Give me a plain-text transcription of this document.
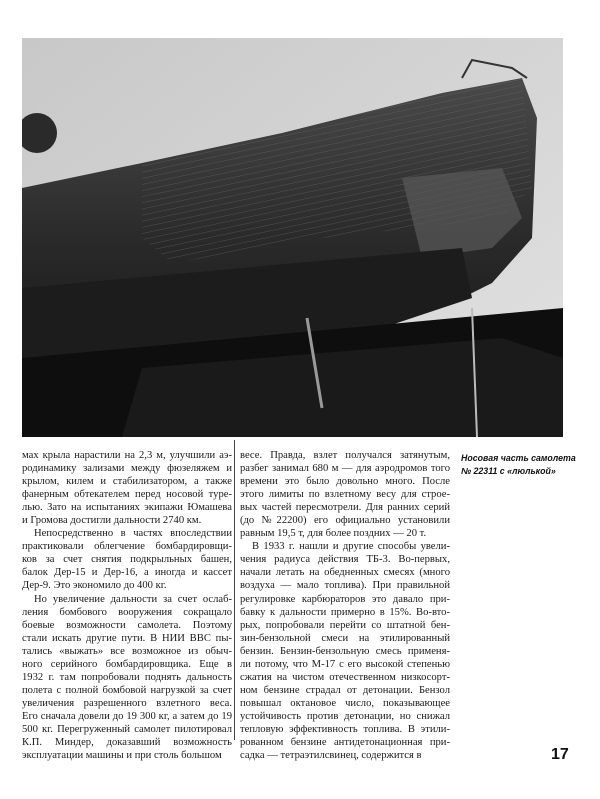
мах крыла нарастили на 2,3 м, улучшили аэ-
родинамику зализами между фюзеляжем и
крылом, килем и стабилизатором, а также
фанерным обтекателем перед носовой туре-
лью. Зато на испытаниях экипажи Юмашева
и Громова достигли дальности 2740 км.
Непосредственно в частях впоследствии
практиковали облегчение бомбардировщи-
ков за счет снятия подкрыльных башен,
балок Дер-15 и Дер-16, а иногда и кассет
Дер-9. Это экономило до 400 кг.
Но увеличение дальности за счет ослаб-
ления бомбового вооружения сокращало
боевые возможности самолета. Поэтому
стали искать другие пути. В НИИ ВВС пы-
тались «выжать» все возможное из обыч-
ного серийного бомбардировщика. Еще в
1932 г. там попробовали поднять дальность
полета с полной бомбовой нагрузкой за счет
увеличения разрешенного взлетного веса.
Его сначала довели до 19 300 кг, а затем до 19
500 кг. Перегруженный самолет пилотировал
К.П. Миндер, доказавший возможность
эксплуатации машины и при столь большом
весе. Правда, взлет получался затянутым,
разбег занимал 680 м — для аэродромов того
времени это было довольно много. После
этого лимиты по взлетному весу для строе-
вых частей пересмотрели. Для ранних серий
(до №22200) его официально установили
равным 19,5 т, для более поздних — 20 т.
В 1933 г. нашли и другие способы увели-
чения радиуса действия ТБ-3. Во-первых,
начали летать на обедненных смесях (много
воздуха — мало топлива). При правильной
регулировке карбюраторов это давало при-
бавку к дальности примерно в 15%. Во-вто-
рых, попробовали перейти со штатной бен-
зин-бензольной смеси на этилированный
бензин. Бензин-бензольную смесь применя-
ли потому, что М-17 с его высокой степенью
сжатия на чистом отечественном низкосорт-
ном бензине страдал от детонации. Бензол
повышал октановое число, показывающее
устойчивость против детонации, но снижал
тепловую эффективность топлива. В этили-
рованном бензине антидетонационная при-
садка — тетраэтилсвинец, содержится в
Носовая часть самолета
№ 22311 с «люлькой»
17
